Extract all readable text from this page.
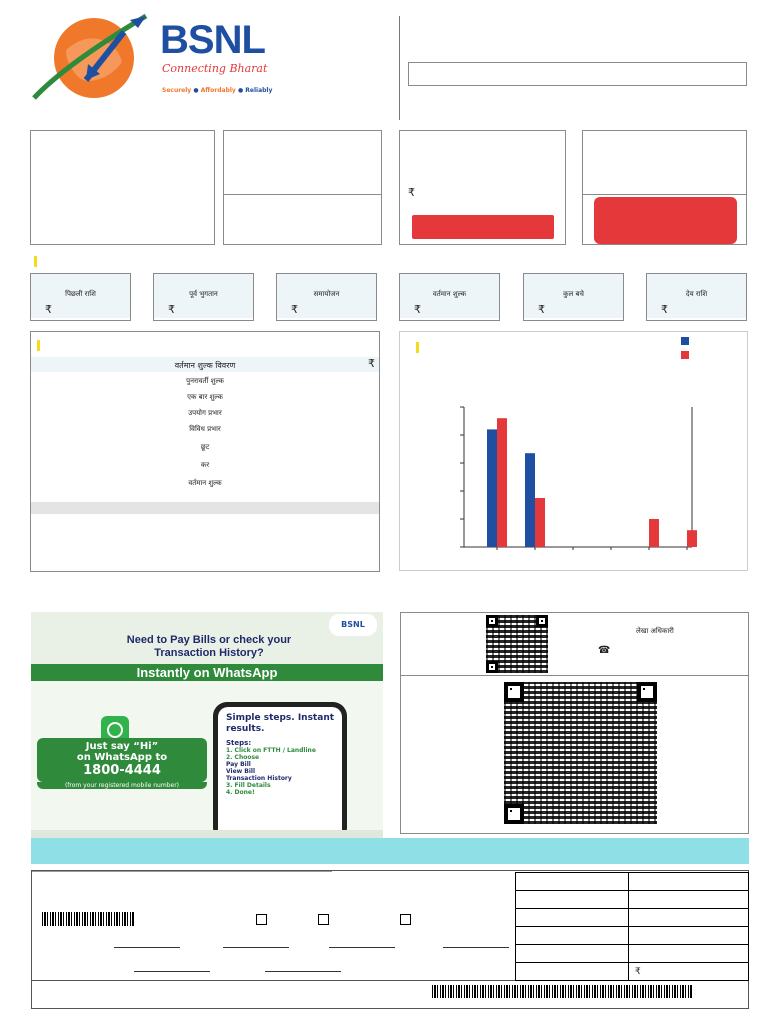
BSNL
Connecting Bharat
Securely ● Affordably ● Reliably
₹
पिछली राशि
₹
पूर्व भुगतान
₹
समायोजन
₹
वर्तमान शुल्क
₹
कुल बचे
₹
देय राशि
₹
वर्तमान शुल्क विवरण	₹
पुनरावर्ती शुल्क
एक बार शुल्क
उपयोग प्रभार
विविध प्रभार
छूट
कर
वर्तमान शुल्क
BSNL
Need to Pay Bills or check your Transaction History?
Instantly on WhatsApp
Just say “Hi”
on WhatsApp to
1800-4444
(from your registered mobile number)
Simple steps. Instant results.
Steps:
1. Click on FTTH / Landline
2. Choose
Pay Bill
View Bill
Transaction History
3. Fill Details
4. Done!
लेखा अधिकारी
☎

	₹
